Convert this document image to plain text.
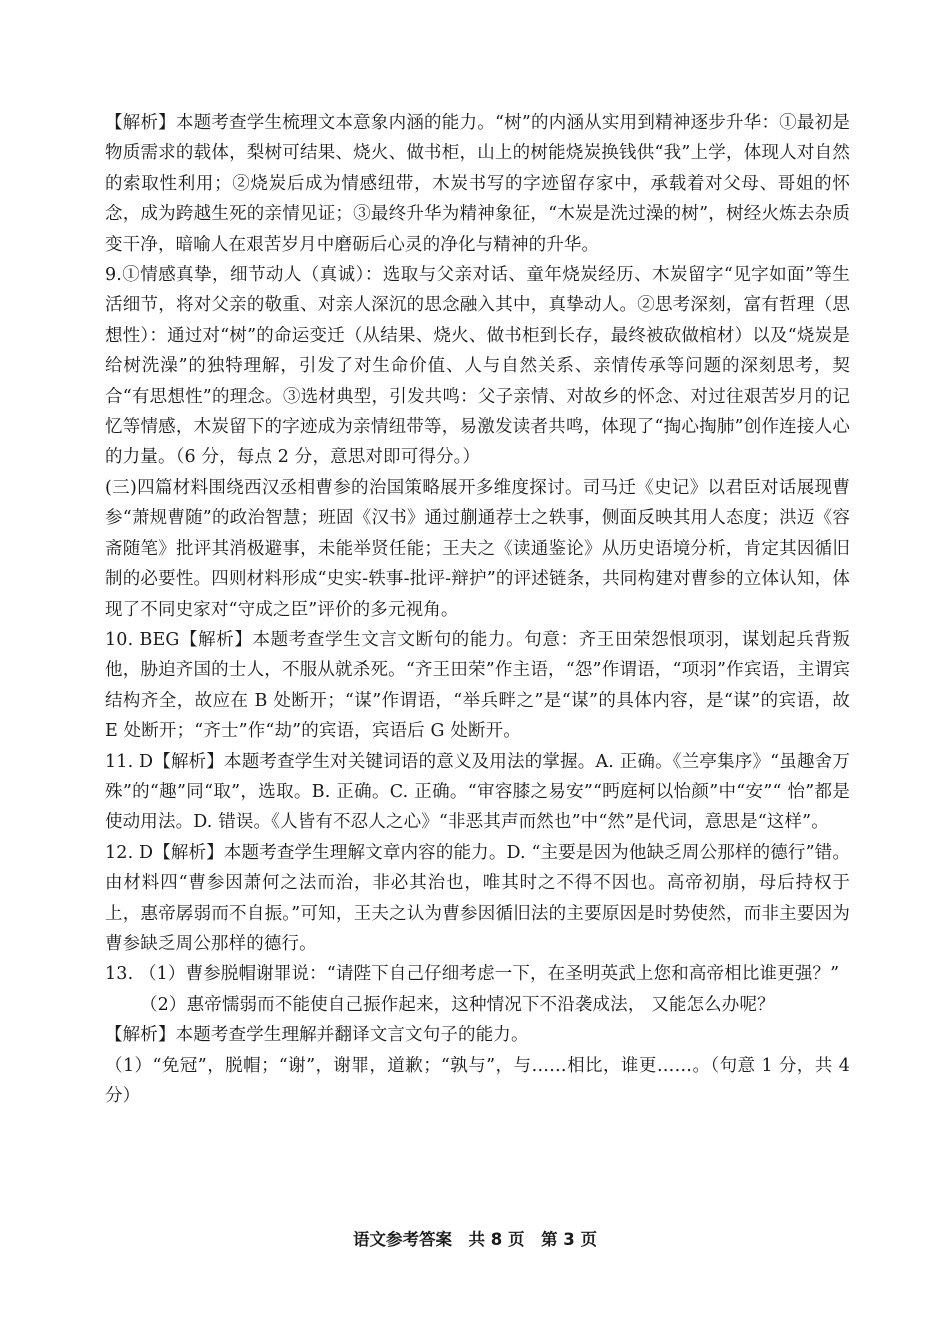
【解析】本题考查学生梳理文本意象内涵的能力。“树”的内涵从实用到精神逐步升华：①最初是物质需求的载体，梨树可结果、烧火、做书柜，山上的树能烧炭换钱供“我”上学，体现人对自然的索取性利用；②烧炭后成为情感纽带，木炭书写的字迹留存家中，承载着对父母、哥姐的怀念，成为跨越生死的亲情见证；③最终升华为精神象征，“木炭是洗过澡的树”，树经火炼去杂质变干净，暗喻人在艰苦岁月中磨砺后心灵的净化与精神的升华。

9.①情感真挚，细节动人（真诚）：选取与父亲对话、童年烧炭经历、木炭留字“见字如面”等生活细节，将对父亲的敬重、对亲人深沉的思念融入其中，真挚动人。②思考深刻，富有哲理（思想性）：通过对“树”的命运变迁（从结果、烧火、做书柜到长存，最终被砍做棺材）以及“烧炭是给树洗澡”的独特理解，引发了对生命价值、人与自然关系、亲情传承等问题的深刻思考，契合“有思想性”的理念。③选材典型，引发共鸣：父子亲情、对故乡的怀念、对过往艰苦岁月的记忆等情感，木炭留下的字迹成为亲情纽带等，易激发读者共鸣，体现了“掏心掏肺”创作连接人心的力量。（6 分，每点 2 分，意思对即可得分。）

(三)四篇材料围绕西汉丞相曹参的治国策略展开多维度探讨。司马迁《史记》以君臣对话展现曹参“萧规曹随”的政治智慧；班固《汉书》通过蒯通荐士之轶事，侧面反映其用人态度；洪迈《容斋随笔》批评其消极避事，未能举贤任能；王夫之《读通鉴论》从历史语境分析，肯定其因循旧制的必要性。四则材料形成“史实-轶事-批评-辩护”的评述链条，共同构建对曹参的立体认知，体现了不同史家对“守成之臣”评价的多元视角。

10. BEG【解析】本题考查学生文言文断句的能力。句意：齐王田荣怨恨项羽，谋划起兵背叛他，胁迫齐国的士人，不服从就杀死。“齐王田荣”作主语，“怨”作谓语，“项羽”作宾语，主谓宾结构齐全，故应在 B 处断开；“谋”作谓语，“举兵畔之”是“谋”的具体内容，是“谋”的宾语，故 E 处断开；“齐士”作“劫”的宾语，宾语后 G 处断开。

11. D【解析】本题考查学生对关键词语的意义及用法的掌握。A. 正确。《兰亭集序》“虽趣舍万殊”的“趣”同“取”，选取。B. 正确。C. 正确。“审容膝之易安”“眄庭柯以怡颜”中“安”“ 怡”都是使动用法。D. 错误。《人皆有不忍人之心》“非恶其声而然也”中“然”是代词，意思是“这样”。

12. D【解析】本题考查学生理解文章内容的能力。D. “主要是因为他缺乏周公那样的德行”错。由材料四“曹参因萧何之法而治，非必其治也，唯其时之不得不因也。高帝初崩，母后持权于上，惠帝孱弱而不自振。”可知，王夫之认为曹参因循旧法的主要原因是时势使然，而非主要因为曹参缺乏周公那样的德行。

13. （1）曹参脱帽谢罪说：“请陛下自己仔细考虑一下，在圣明英武上您和高帝相比谁更强？”

（2）惠帝懦弱而不能使自己振作起来，这种情况下不沿袭成法， 又能怎么办呢？

【解析】本题考查学生理解并翻译文言文句子的能力。

（1）“免冠”，脱帽；“谢”，谢罪，道歉；“孰与”，与……相比，谁更……。（句意 1 分，共 4 分）

语文参考答案　共 8 页　第 3 页
